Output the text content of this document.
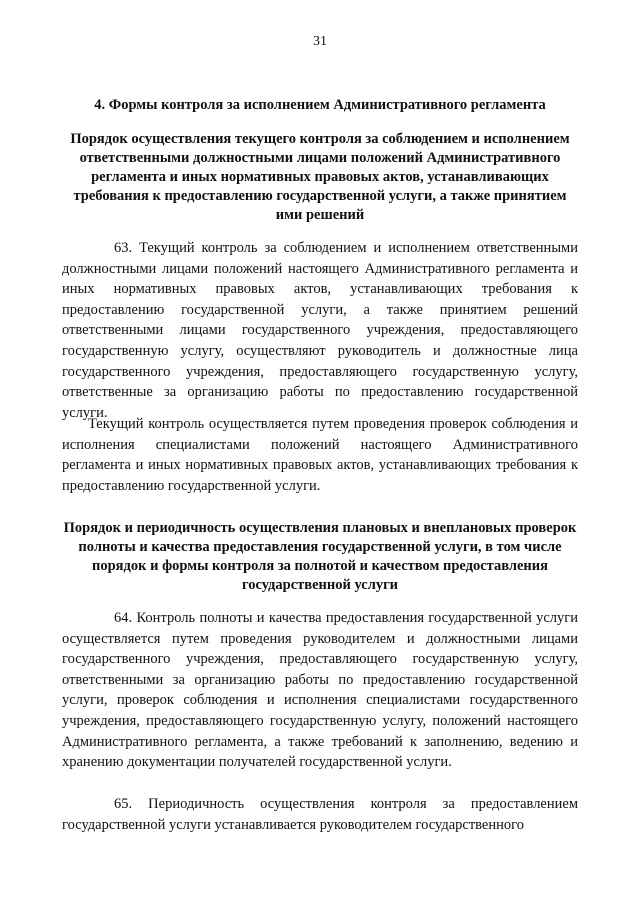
31
4. Формы контроля за исполнением Административного регламента
Порядок осуществления текущего контроля за соблюдением и исполнением ответственными должностными лицами положений Административного регламента и иных нормативных правовых актов, устанавливающих требования к предоставлению государственной услуги, а также принятием ими решений

63. Текущий контроль за соблюдением и исполнением ответственными должностными лицами положений настоящего Административного регламента и иных нормативных правовых актов, устанавливающих требования к предоставлению государственной услуги, а также принятием решений ответственными лицами государственного учреждения, предоставляющего государственную услугу, осуществляют руководитель и должностные лица государственного учреждения, предоставляющего государственную услугу, ответственные за организацию работы по предоставлению государственной услуги.

Текущий контроль осуществляется путем проведения проверок соблюдения и исполнения специалистами положений настоящего Административного регламента и иных нормативных правовых актов, устанавливающих требования к предоставлению государственной услуги.

Порядок и периодичность осуществления плановых и внеплановых проверок полноты и качества предоставления государственной услуги, в том числе порядок и формы контроля за полнотой и качеством предоставления государственной услуги

64. Контроль полноты и качества предоставления государственной услуги осуществляется путем проведения руководителем и должностными лицами государственного учреждения, предоставляющего государственную услугу, ответственными за организацию работы по предоставлению государственной услуги, проверок соблюдения и исполнения специалистами государственного учреждения, предоставляющего государственную услугу, положений настоящего Административного регламента, а также требований к заполнению, ведению и хранению документации получателей государственной услуги.

65. Периодичность осуществления контроля за предоставлением государственной услуги устанавливается руководителем государственного
